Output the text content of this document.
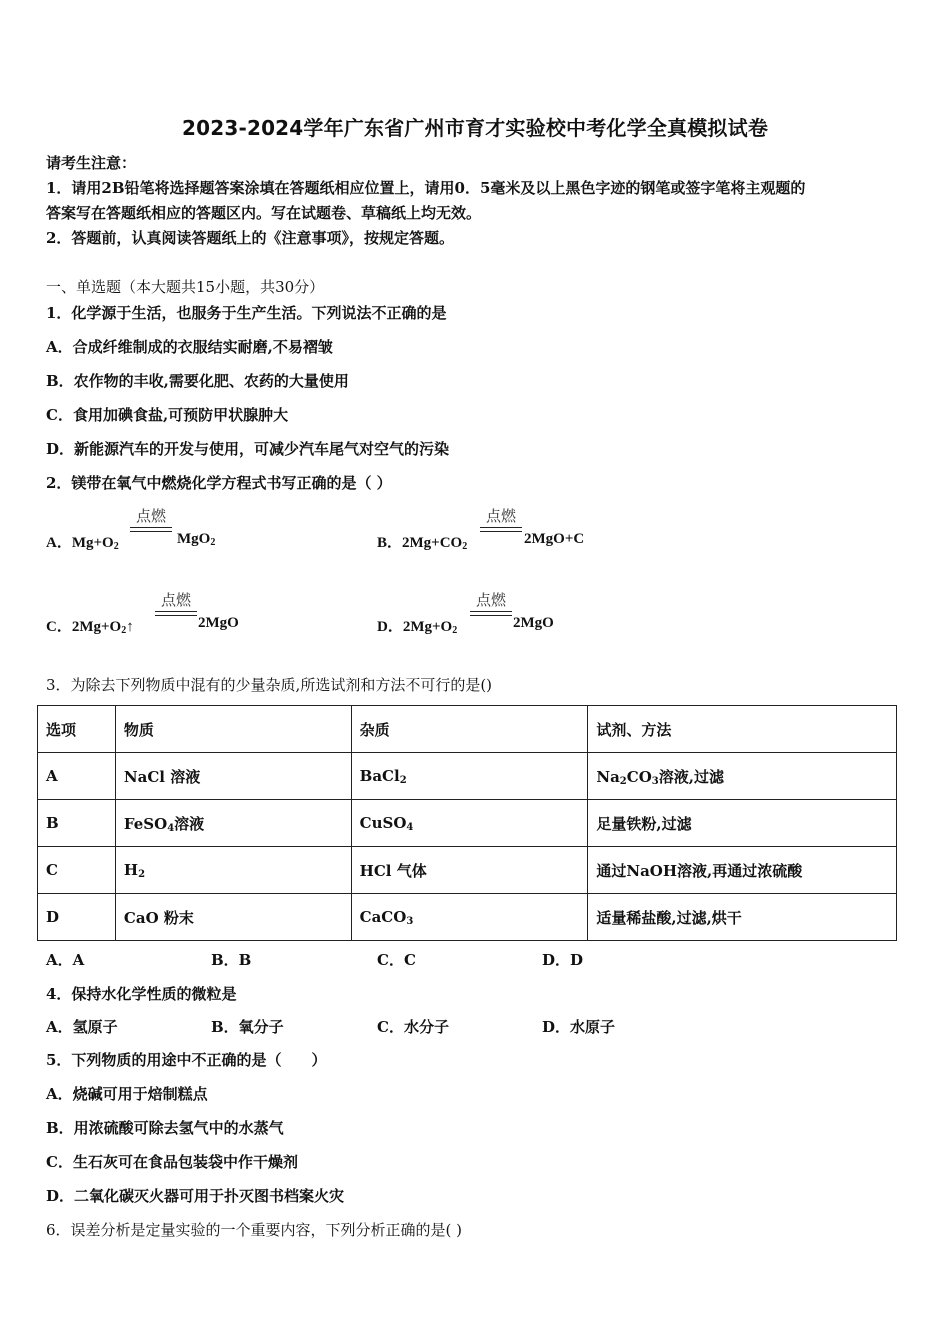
2023-2024学年广东省广州市育才实验校中考化学全真模拟试卷
请考生注意：
1．请用2B铅笔将选择题答案涂填在答题纸相应位置上，请用0．5毫米及以上黑色字迹的钢笔或签字笔将主观题的
答案写在答题纸相应的答题区内。写在试题卷、草稿纸上均无效。
2．答题前，认真阅读答题纸上的《注意事项》，按规定答题。
一、单选题（本大题共15小题，共30分）
1．化学源于生活，也服务于生产生活。下列说法不正确的是
A．合成纤维制成的衣服结实耐磨,不易褶皱
B．农作物的丰收,需要化肥、农药的大量使用
C．食用加碘食盐,可预防甲状腺肿大
D．新能源汽车的开发与使用，可减少汽车尾气对空气的污染
2．镁带在氧气中燃烧化学方程式书写正确的是（ ）
A．$Mg+O_2$
点燃
MgO$_2$	B．$2Mg+CO_2$
点燃
2MgO+C
C．$2Mg+O_2↑$
点燃
2MgO	D．$2Mg+O_2$
点燃
2MgO
3．为除去下列物质中混有的少量杂质,所选试剂和方法不可行的是()
选项	物质	杂质	试剂、方法
A	NaCl 溶液	BaCl$_2$	$Na_2CO_3$溶液,过滤
B	FeSO$_4$溶液	CuSO$_4$	足量铁粉,过滤
C	$H_2$	HCl 气体	通过NaOH溶液,再通过浓硫酸
D	CaO 粉末	CaCO$_3$	适量稀盐酸,过滤,烘干
A．A	B．B	C．C	D．D
4．保持水化学性质的微粒是
A．氢原子	B．氧分子	C．水分子	D．水原子
5．下列物质的用途中不正确的是（　　）
A．烧碱可用于焙制糕点
B．用浓硫酸可除去氢气中的水蒸气
C．生石灰可在食品包装袋中作干燥剂
D．二氧化碳灭火器可用于扑灭图书档案火灾
6．误差分析是定量实验的一个重要内容，下列分析正确的是( )
